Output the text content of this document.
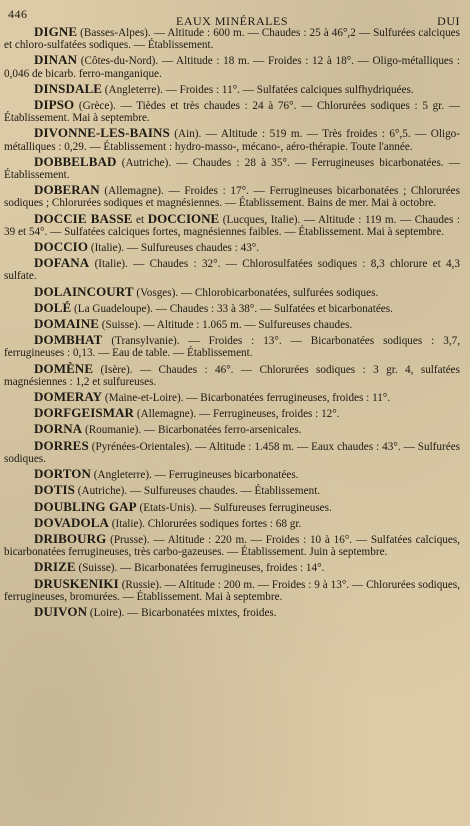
446	EAUX MINÉRALES	DUI

DIGNE (Basses-Alpes). — Altitude : 600 m. — Chaudes : 25 à 46°,2 — Sulfurées calciques et chloro-sulfatées sodiques. — Établissement.

DINAN (Côtes-du-Nord). — Altitude : 18 m. — Froides : 12 à 18°. — Oligo-métalliques : 0,046 de bicarb. ferro-manganique.

DINSDALE (Angleterre). — Froides : 11°. — Sulfatées calciques sulfhydriquées.

DIPSO (Grèce). — Tièdes et très chaudes : 24 à 76°. — Chlorurées sodiques : 5 gr. — Établissement. Mai à septembre.

DIVONNE-LES-BAINS (Ain). — Altitude : 519 m. — Très froides : 6°,5. — Oligo-métalliques : 0,29. — Établissement : hydro-masso-, mécano-, aéro-thérapie. Toute l'année.

DOBBELBAD (Autriche). — Chaudes : 28 à 35°. — Ferrugineuses bicarbonatées. — Établissement.

DOBERAN (Allemagne). — Froides : 17°. — Ferrugineuses bicarbonatées ; Chlorurées sodiques ; Chlorurées sodiques et magnésiennes. — Établissement. Bains de mer. Mai à octobre.

DOCCIE BASSE et DOCCIONE (Lucques, Italie). — Altitude : 119 m. — Chaudes : 39 et 54°. — Sulfatées calciques fortes, magnésiennes faibles. — Établissement. Mai à septembre.

DOCCIO (Italie). — Sulfureuses chaudes : 43°.

DOFANA (Italie). — Chaudes : 32°. — Chlorosulfatées sodiques : 8,3 chlorure et 4,3 sulfate.

DOLAINCOURT (Vosges). — Chlorobicarbonatées, sulfurées sodiques.

DOLÉ (La Guadeloupe). — Chaudes : 33 à 38°. — Sulfatées et bicarbonatées.

DOMAINE (Suisse). — Altitude : 1.065 m. — Sulfureuses chaudes.

DOMBHAT (Transylvanie). — Froides : 13°. — Bicarbonatées sodiques : 3,7, ferrugineuses : 0,13. — Eau de table. — Établissement.

DOMÈNE (Isère). — Chaudes : 46°. — Chlorurées sodiques : 3 gr. 4, sulfatées magnésiennes : 1,2 et sulfureuses.

DOMERAY (Maine-et-Loire). — Bicarbonatées ferrugineuses, froides : 11°.

DORFGEISMAR (Allemagne). — Ferrugineuses, froides : 12°.

DORNA (Roumanie). — Bicarbonatées ferro-arsenicales.

DORRES (Pyrénées-Orientales). — Altitude : 1.458 m. — Eaux chaudes : 43°. — Sulfurées sodiques.

DORTON (Angleterre). — Ferrugineuses bicarbonatées.

DOTIS (Autriche). — Sulfureuses chaudes. — Établissement.

DOUBLING GAP (Etats-Unis). — Sulfureuses ferrugineuses.

DOVADOLA (Italie). Chlorurées sodiques fortes : 68 gr.

DRIBOURG (Prusse). — Altitude : 220 m. — Froides : 10 à 16°. — Sulfatées calciques, bicarbonatées ferrugineuses, très carbo-gazeuses. — Établissement. Juin à septembre.

DRIZE (Suisse). — Bicarbonatées ferrugineuses, froides : 14°.

DRUSKENIKI (Russie). — Altitude : 200 m. — Froides : 9 à 13°. — Chlorurées sodiques, ferrugineuses, bromurées. — Établissement. Mai à septembre.

DUIVON (Loire). — Bicarbonatées mixtes, froides.
